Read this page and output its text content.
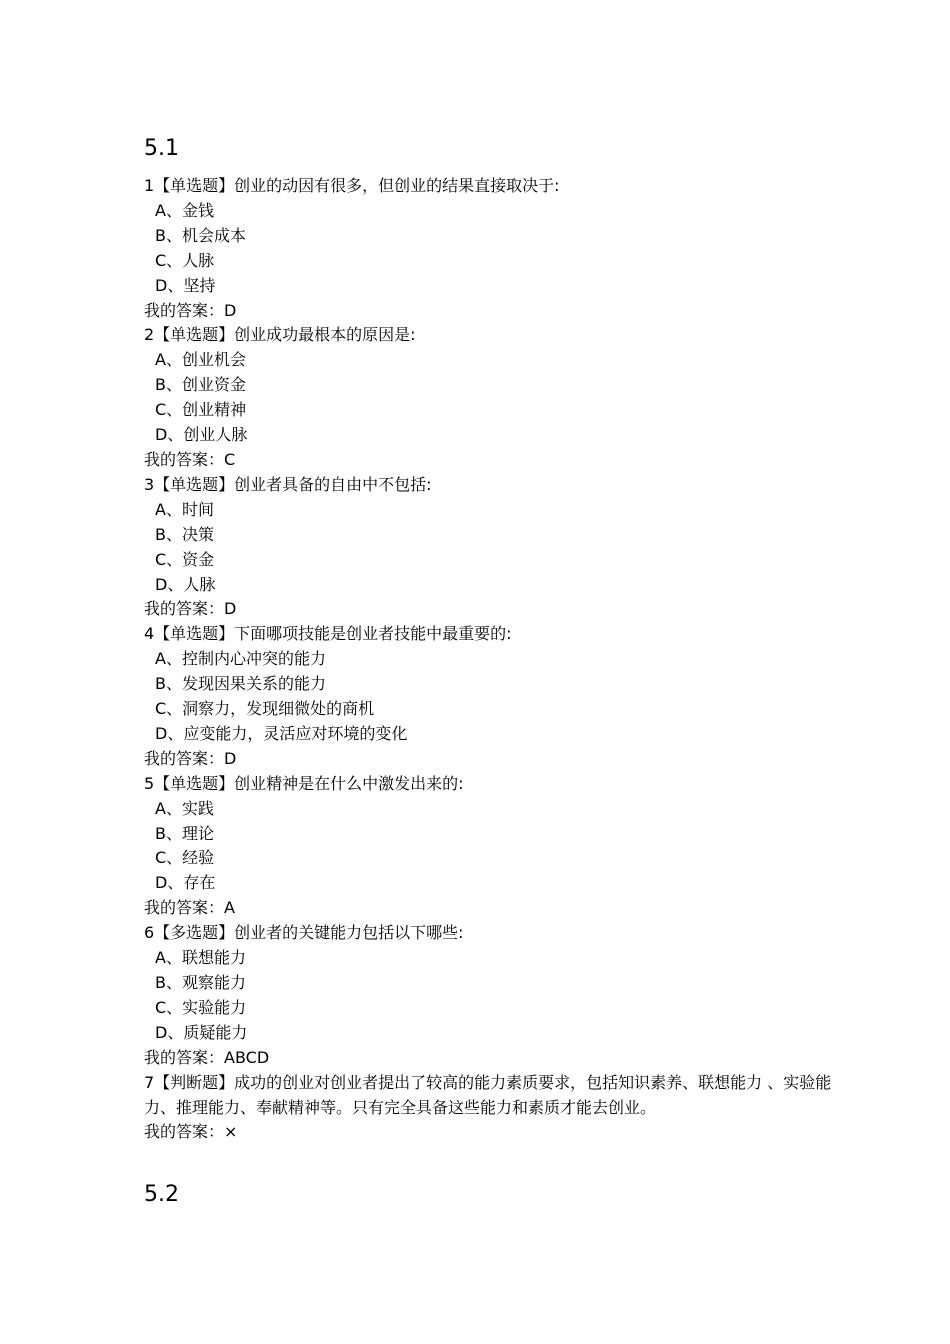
5.1
1【单选题】创业的动因有很多，但创业的结果直接取决于:
A、金钱
B、机会成本
C、人脉
D、坚持
我的答案：D
2【单选题】创业成功最根本的原因是:
A、创业机会
B、创业资金
C、创业精神
D、创业人脉
我的答案：C
3【单选题】创业者具备的自由中不包括:
A、时间
B、决策
C、资金
D、人脉
我的答案：D
4【单选题】下面哪项技能是创业者技能中最重要的:
A、控制内心冲突的能力
B、发现因果关系的能力
C、洞察力，发现细微处的商机
D、应变能力，灵活应对环境的变化
我的答案：D
5【单选题】创业精神是在什么中激发出来的:
A、实践
B、理论
C、经验
D、存在
我的答案：A
6【多选题】创业者的关键能力包括以下哪些:
A、联想能力
B、观察能力
C、实验能力
D、质疑能力
我的答案：ABCD
7【判断题】成功的创业对创业者提出了较高的能力素质要求，包括知识素养、联想能力 、实验能力、推理能力、奉献精神等。只有完全具备这些能力和素质才能去创业。
我的答案：×
5.2
